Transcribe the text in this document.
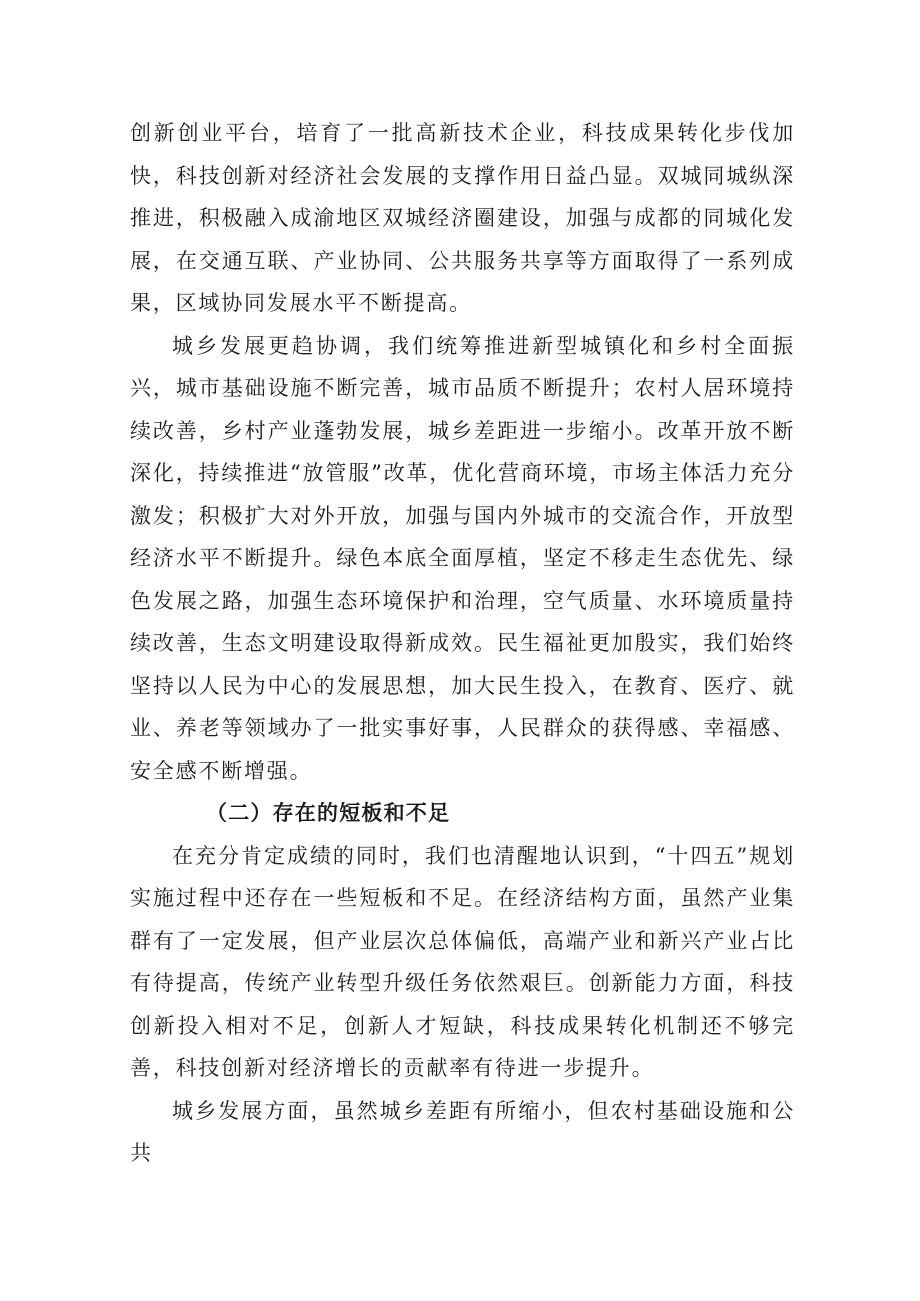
创新创业平台，培育了一批高新技术企业，科技成果转化步伐加快，科技创新对经济社会发展的支撑作用日益凸显。双城同城纵深推进，积极融入成渝地区双城经济圈建设，加强与成都的同城化发展，在交通互联、产业协同、公共服务共享等方面取得了一系列成果，区域协同发展水平不断提高。

城乡发展更趋协调，我们统筹推进新型城镇化和乡村全面振兴，城市基础设施不断完善，城市品质不断提升；农村人居环境持续改善，乡村产业蓬勃发展，城乡差距进一步缩小。改革开放不断深化，持续推进“放管服”改革，优化营商环境，市场主体活力充分激发；积极扩大对外开放，加强与国内外城市的交流合作，开放型经济水平不断提升。绿色本底全面厚植，坚定不移走生态优先、绿色发展之路，加强生态环境保护和治理，空气质量、水环境质量持续改善，生态文明建设取得新成效。民生福祉更加殷实，我们始终坚持以人民为中心的发展思想，加大民生投入，在教育、医疗、就业、养老等领域办了一批实事好事，人民群众的获得感、幸福感、安全感不断增强。

（二）存在的短板和不足

在充分肯定成绩的同时，我们也清醒地认识到，“十四五”规划实施过程中还存在一些短板和不足。在经济结构方面，虽然产业集群有了一定发展，但产业层次总体偏低，高端产业和新兴产业占比有待提高，传统产业转型升级任务依然艰巨。创新能力方面，科技创新投入相对不足，创新人才短缺，科技成果转化机制还不够完善，科技创新对经济增长的贡献率有待进一步提升。

城乡发展方面，虽然城乡差距有所缩小，但农村基础设施和公共
